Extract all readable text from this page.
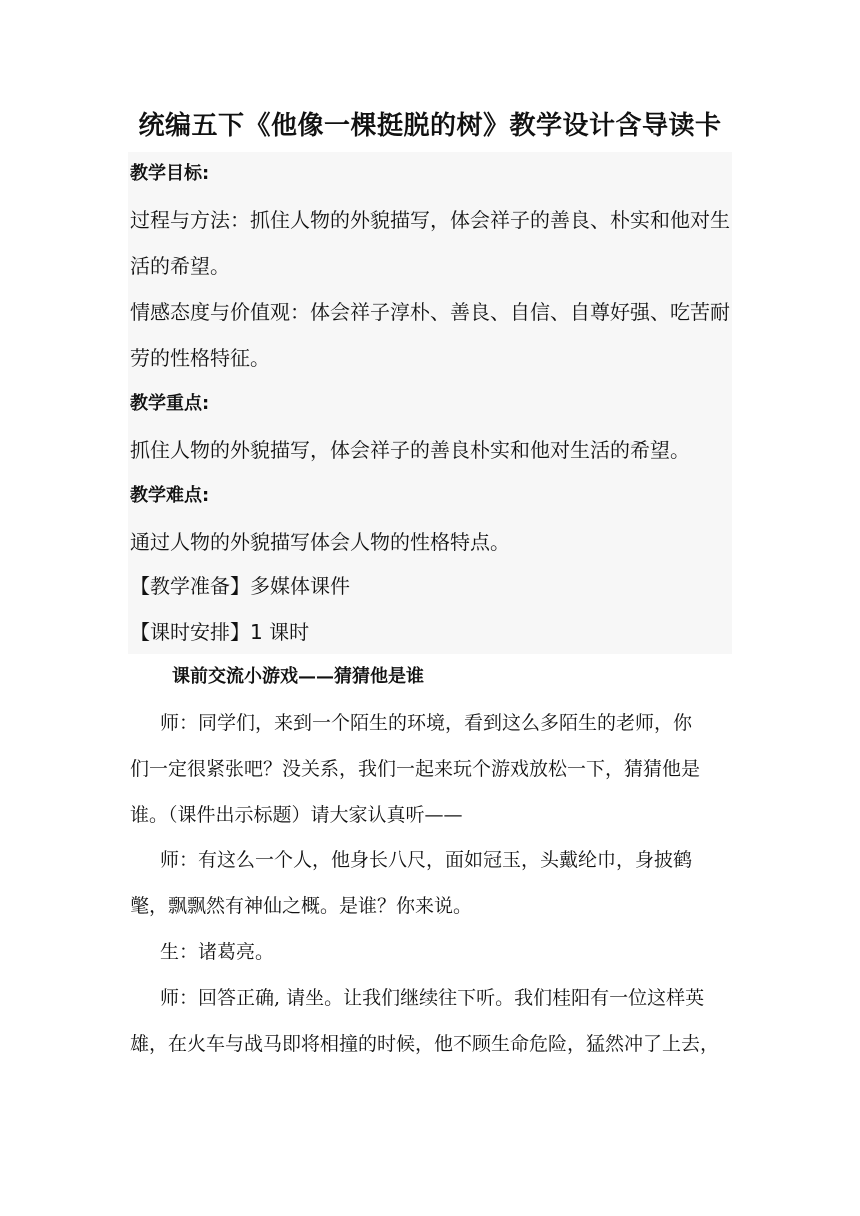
统编五下《他像一棵挺脱的树》教学设计含导读卡
教学目标:
过程与方法：抓住人物的外貌描写，体会祥子的善良、朴实和他对生
活的希望。
情感态度与价值观：体会祥子淳朴、善良、自信、自尊好强、吃苦耐
劳的性格特征。
教学重点:
抓住人物的外貌描写，体会祥子的善良朴实和他对生活的希望。
教学难点:
通过人物的外貌描写体会人物的性格特点。
【教学准备】多媒体课件
【课时安排】1 课时
课前交流小游戏——猜猜他是谁
师：同学们，来到一个陌生的环境，看到这么多陌生的老师，你
们一定很紧张吧？没关系，我们一起来玩个游戏放松一下，猜猜他是
谁。（课件出示标题）请大家认真听——
师：有这么一个人，他身长八尺，面如冠玉，头戴纶巾，身披鹤
氅，飘飘然有神仙之概。是谁？你来说。
生：诸葛亮。
师：回答正确, 请坐。让我们继续往下听。我们桂阳有一位这样英
雄，在火车与战马即将相撞的时候，他不顾生命危险，猛然冲了上去，
